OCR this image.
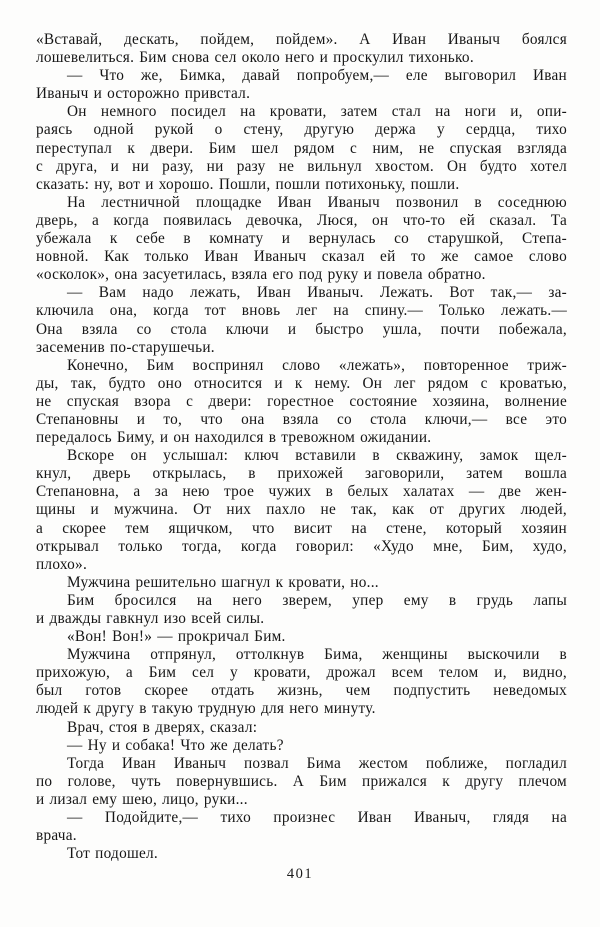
«Вставай, дескать, пойдем, пойдем». А Иван Иваныч боялся
лошевелиться. Бим снова сел около него и проскулил тихонько.
— Что же, Бимка, давай попробуем,— еле выговорил Иван
Иваныч и осторожно привстал.
Он немного посидел на кровати, затем стал на ноги и, опи-
раясь одной рукой о стену, другую держа у сердца, тихо
переступал к двери. Бим шел рядом с ним, не спуская взгляда
с друга, и ни разу, ни разу не вильнул хвостом. Он будто хотел
сказать: ну, вот и хорошо. Пошли, пошли потихоньку, пошли.
На лестничной площадке Иван Иваныч позвонил в соседнюю
дверь, а когда появилась девочка, Люся, он что-то ей сказал. Та
убежала к себе в комнату и вернулась со старушкой, Степа-
новной. Как только Иван Иваныч сказал ей то же самое слово
«осколок», она засуетилась, взяла его под руку и повела обратно.
— Вам надо лежать, Иван Иваныч. Лежать. Вот так,— за-
ключила она, когда тот вновь лег на спину.— Только лежать.—
Она взяла со стола ключи и быстро ушла, почти побежала,
засеменив по-старушечьи.
Конечно, Бим воспринял слово «лежать», повторенное триж-
ды, так, будто оно относится и к нему. Он лег рядом с кроватью,
не спуская взора с двери: горестное состояние хозяина, волнение
Степановны и то, что она взяла со стола ключи,— все это
передалось Биму, и он находился в тревожном ожидании.
Вскоре он услышал: ключ вставили в скважину, замок щел-
кнул, дверь открылась, в прихожей заговорили, затем вошла
Степановна, а за нею трое чужих в белых халатах — две жен-
щины и мужчина. От них пахло не так, как от других людей,
а скорее тем ящичком, что висит на стене, который хозяин
открывал только тогда, когда говорил: «Худо мне, Бим, худо,
плохо».
Мужчина решительно шагнул к кровати, но...
Бим бросился на него зверем, упер ему в грудь лапы
и дважды гавкнул изо всей силы.
«Вон! Вон!» — прокричал Бим.
Мужчина отпрянул, оттолкнув Бима, женщины выскочили в
прихожую, а Бим сел у кровати, дрожал всем телом и, видно,
был готов скорее отдать жизнь, чем подпустить неведомых
людей к другу в такую трудную для него минуту.
Врач, стоя в дверях, сказал:
— Ну и собака! Что же делать?
Тогда Иван Иваныч позвал Бима жестом поближе, погладил
по голове, чуть повернувшись. А Бим прижался к другу плечом
и лизал ему шею, лицо, руки...
— Подойдите,— тихо произнес Иван Иваныч, глядя на
врача.
Тот подошел.
401
